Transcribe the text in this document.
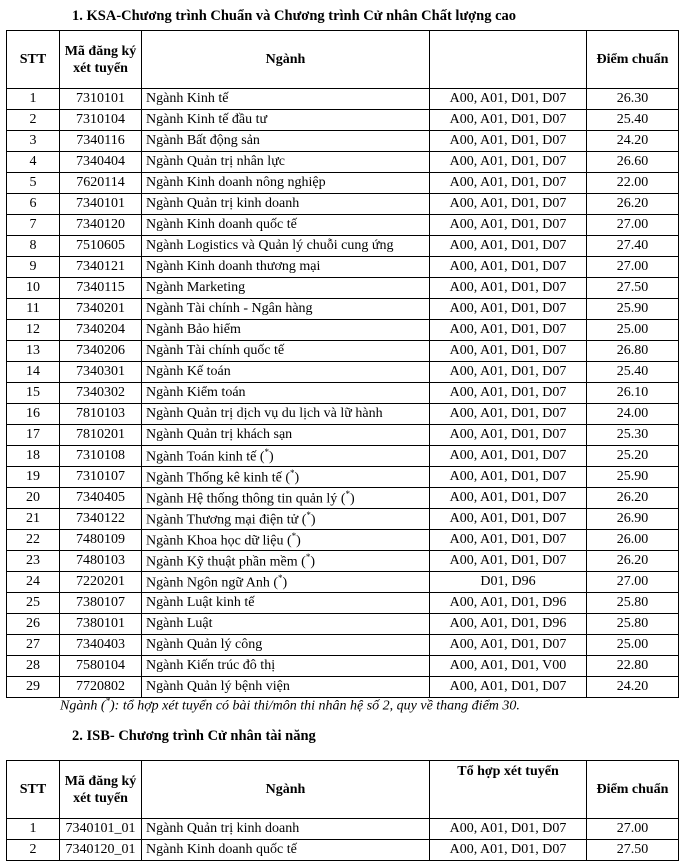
1. KSA-Chương trình Chuẩn và Chương trình Cử nhân Chất lượng cao
STT	Mã đăng ký xét tuyển	Ngành		Điểm chuẩn
1	7310101	Ngành Kinh tế	A00, A01, D01, D07	26.30
2	7310104	Ngành Kinh tế đầu tư	A00, A01, D01, D07	25.40
3	7340116	Ngành Bất động sản	A00, A01, D01, D07	24.20
4	7340404	Ngành Quản trị nhân lực	A00, A01, D01, D07	26.60
5	7620114	Ngành Kinh doanh nông nghiệp	A00, A01, D01, D07	22.00
6	7340101	Ngành Quản trị kinh doanh	A00, A01, D01, D07	26.20
7	7340120	Ngành Kinh doanh quốc tế	A00, A01, D01, D07	27.00
8	7510605	Ngành Logistics và Quản lý chuỗi cung ứng	A00, A01, D01, D07	27.40
9	7340121	Ngành Kinh doanh thương mại	A00, A01, D01, D07	27.00
10	7340115	Ngành Marketing	A00, A01, D01, D07	27.50
11	7340201	Ngành Tài chính - Ngân hàng	A00, A01, D01, D07	25.90
12	7340204	Ngành Bảo hiểm	A00, A01, D01, D07	25.00
13	7340206	Ngành Tài chính quốc tế	A00, A01, D01, D07	26.80
14	7340301	Ngành Kế toán	A00, A01, D01, D07	25.40
15	7340302	Ngành Kiểm toán	A00, A01, D01, D07	26.10
16	7810103	Ngành Quản trị dịch vụ du lịch và lữ hành	A00, A01, D01, D07	24.00
17	7810201	Ngành Quản trị khách sạn	A00, A01, D01, D07	25.30
18	7310108	Ngành Toán kinh tế (*)	A00, A01, D01, D07	25.20
19	7310107	Ngành Thống kê kinh tế (*)	A00, A01, D01, D07	25.90
20	7340405	Ngành Hệ thống thông tin quản lý (*)	A00, A01, D01, D07	26.20
21	7340122	Ngành Thương mại điện tử (*)	A00, A01, D01, D07	26.90
22	7480109	Ngành Khoa học dữ liệu (*)	A00, A01, D01, D07	26.00
23	7480103	Ngành Kỹ thuật phần mềm (*)	A00, A01, D01, D07	26.20
24	7220201	Ngành Ngôn ngữ Anh (*)	D01, D96	27.00
25	7380107	Ngành Luật kinh tế	A00, A01, D01, D96	25.80
26	7380101	Ngành Luật	A00, A01, D01, D96	25.80
27	7340403	Ngành Quản lý công	A00, A01, D01, D07	25.00
28	7580104	Ngành Kiến trúc đô thị	A00, A01, D01, V00	22.80
29	7720802	Ngành Quản lý bệnh viện	A00, A01, D01, D07	24.20
Ngành (*): tổ hợp xét tuyển có bài thi/môn thi nhân hệ số 2, quy về thang điểm 30.
2. ISB- Chương trình Cử nhân tài năng
STT	Mã đăng ký xét tuyển	Ngành	Tổ hợp xét tuyển	Điểm chuẩn
1	7340101_01	Ngành Quản trị kinh doanh	A00, A01, D01, D07	27.00
2	7340120_01	Ngành Kinh doanh quốc tế	A00, A01, D01, D07	27.50
